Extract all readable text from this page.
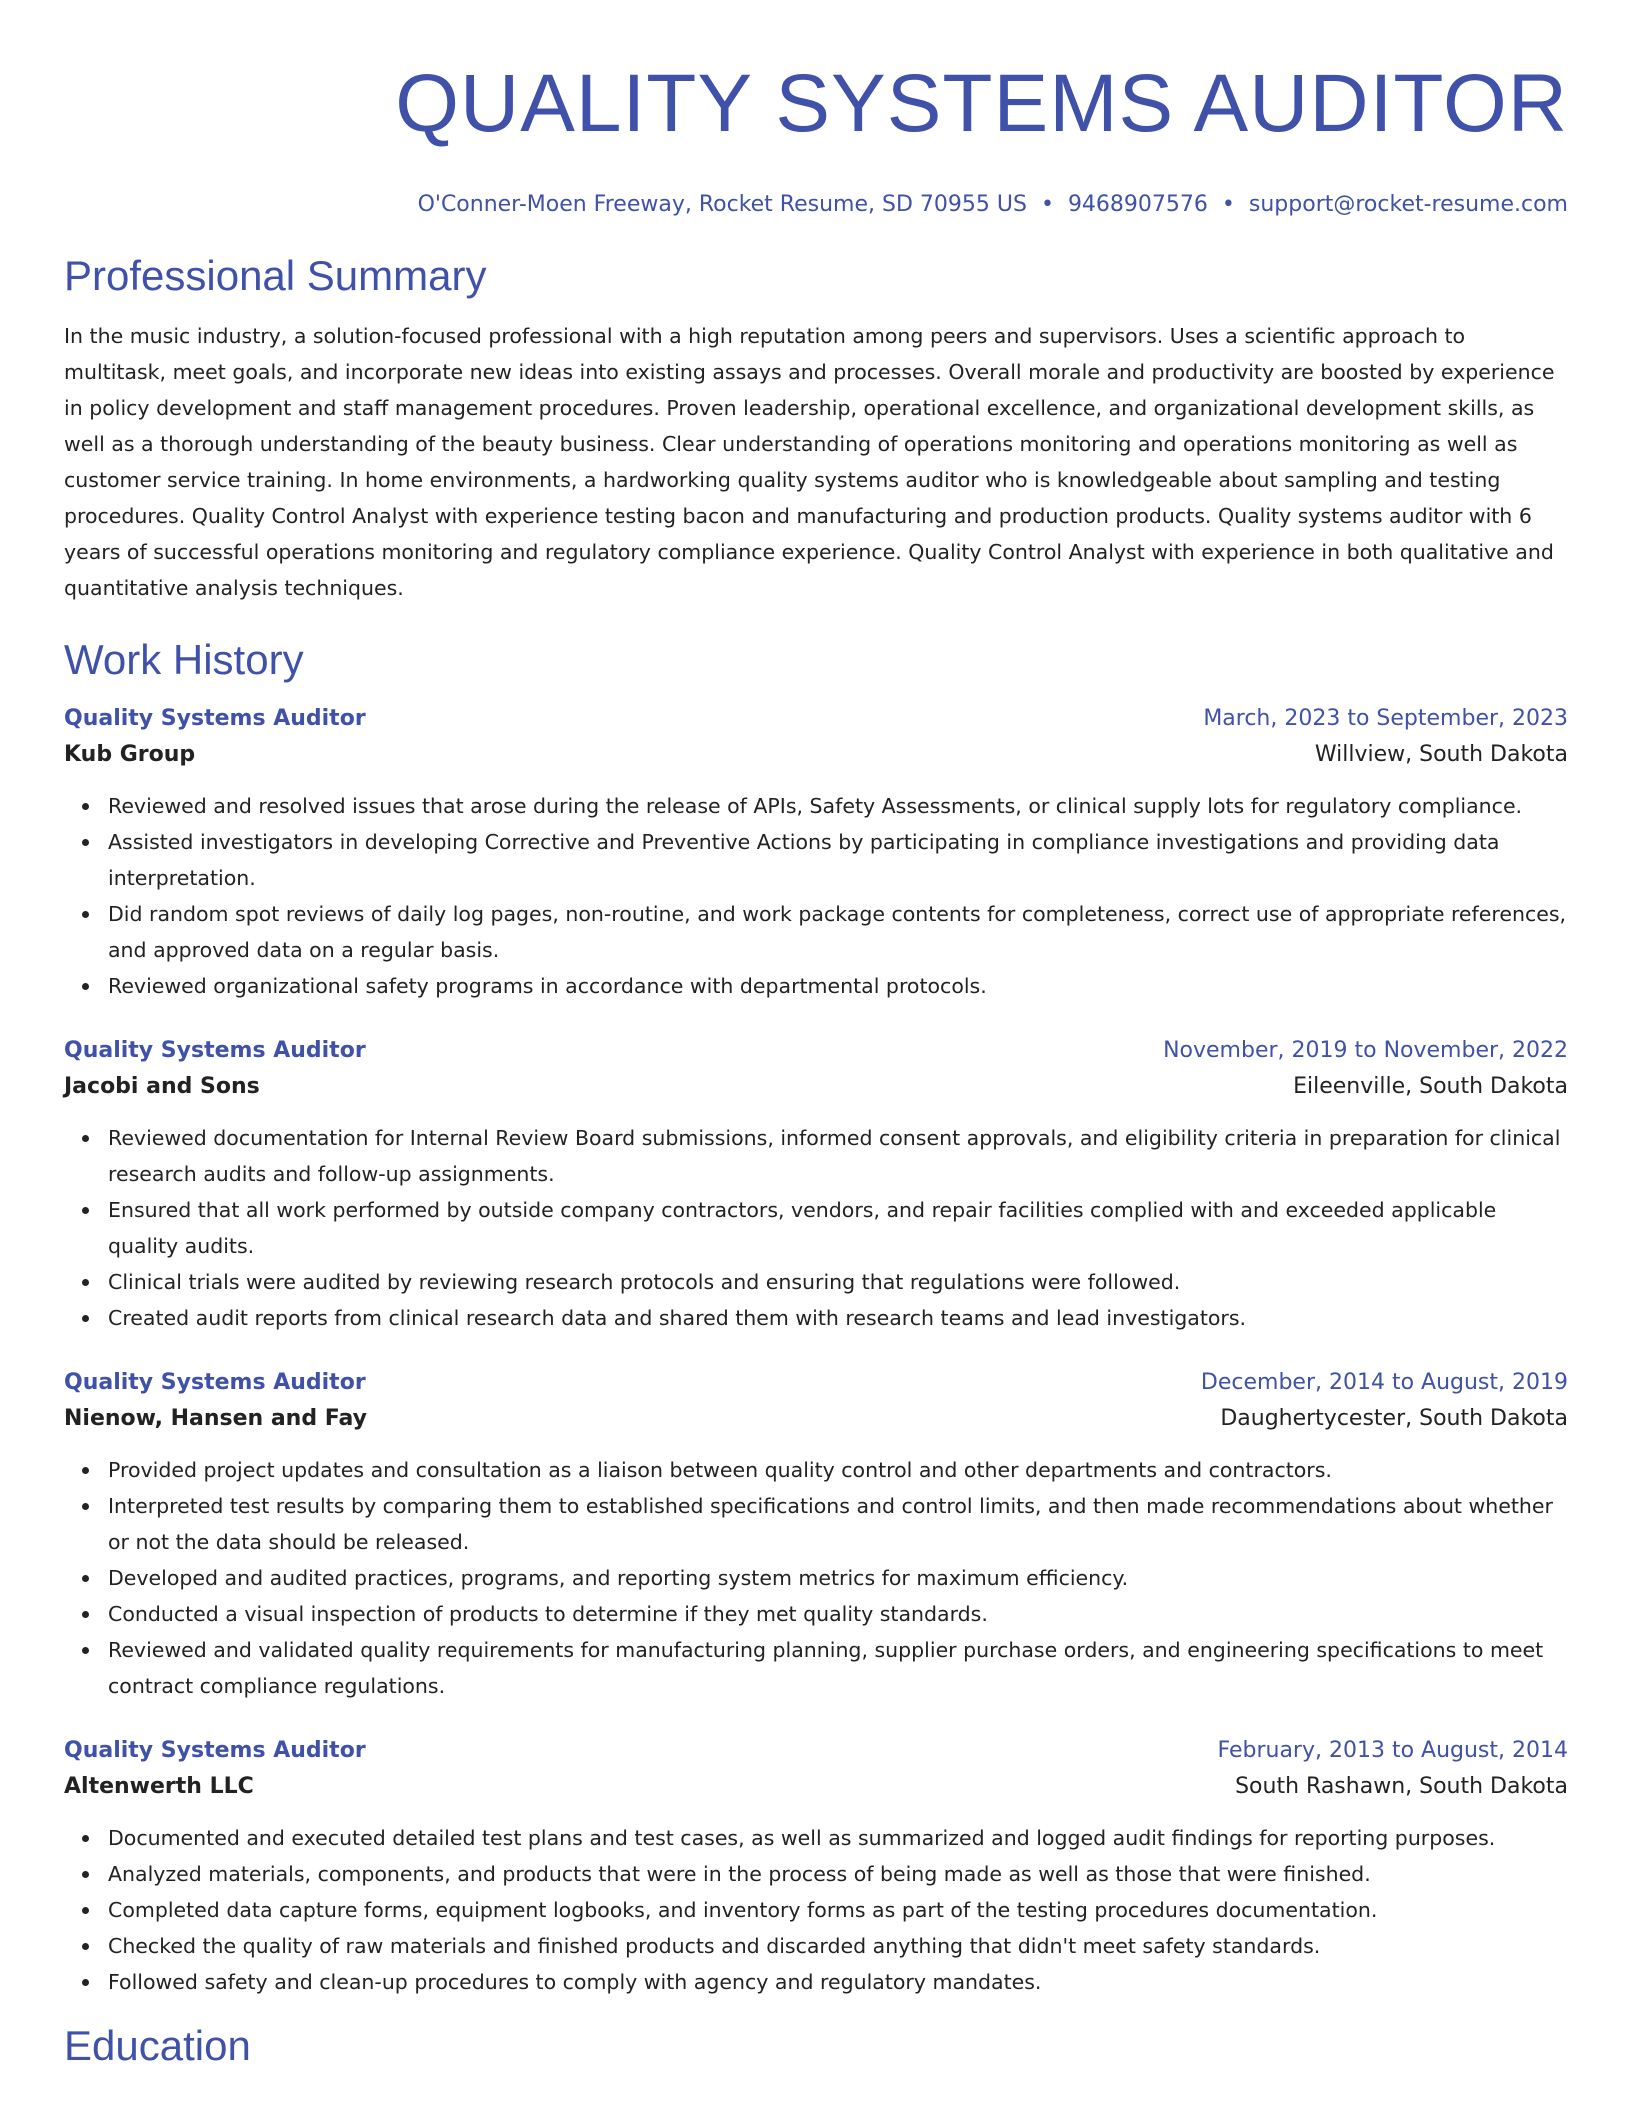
QUALITY SYSTEMS AUDITOR
O'Conner-Moen Freeway, Rocket Resume, SD 70955 US • 9468907576 • support@rocket-resume.com
Professional Summary
In the music industry, a solution-focused professional with a high reputation among peers and supervisors. Uses a scientific approach to multitask, meet goals, and incorporate new ideas into existing assays and processes. Overall morale and productivity are boosted by experience in policy development and staff management procedures. Proven leadership, operational excellence, and organizational development skills, as well as a thorough understanding of the beauty business. Clear understanding of operations monitoring and operations monitoring as well as customer service training. In home environments, a hardworking quality systems auditor who is knowledgeable about sampling and testing procedures. Quality Control Analyst with experience testing bacon and manufacturing and production products. Quality systems auditor with 6 years of successful operations monitoring and regulatory compliance experience. Quality Control Analyst with experience in both qualitative and quantitative analysis techniques.
Work History
Quality Systems Auditor	March, 2023 to September, 2023
Kub Group	Willview, South Dakota
Reviewed and resolved issues that arose during the release of APIs, Safety Assessments, or clinical supply lots for regulatory compliance.
Assisted investigators in developing Corrective and Preventive Actions by participating in compliance investigations and providing data interpretation.
Did random spot reviews of daily log pages, non-routine, and work package contents for completeness, correct use of appropriate references, and approved data on a regular basis.
Reviewed organizational safety programs in accordance with departmental protocols.
Quality Systems Auditor	November, 2019 to November, 2022
Jacobi and Sons	Eileenville, South Dakota
Reviewed documentation for Internal Review Board submissions, informed consent approvals, and eligibility criteria in preparation for clinical research audits and follow-up assignments.
Ensured that all work performed by outside company contractors, vendors, and repair facilities complied with and exceeded applicable quality audits.
Clinical trials were audited by reviewing research protocols and ensuring that regulations were followed.
Created audit reports from clinical research data and shared them with research teams and lead investigators.
Quality Systems Auditor	December, 2014 to August, 2019
Nienow, Hansen and Fay	Daughertycester, South Dakota
Provided project updates and consultation as a liaison between quality control and other departments and contractors.
Interpreted test results by comparing them to established specifications and control limits, and then made recommendations about whether or not the data should be released.
Developed and audited practices, programs, and reporting system metrics for maximum efficiency.
Conducted a visual inspection of products to determine if they met quality standards.
Reviewed and validated quality requirements for manufacturing planning, supplier purchase orders, and engineering specifications to meet contract compliance regulations.
Quality Systems Auditor	February, 2013 to August, 2014
Altenwerth LLC	South Rashawn, South Dakota
Documented and executed detailed test plans and test cases, as well as summarized and logged audit findings for reporting purposes.
Analyzed materials, components, and products that were in the process of being made as well as those that were finished.
Completed data capture forms, equipment logbooks, and inventory forms as part of the testing procedures documentation.
Checked the quality of raw materials and finished products and discarded anything that didn't meet safety standards.
Followed safety and clean-up procedures to comply with agency and regulatory mandates.
Education
